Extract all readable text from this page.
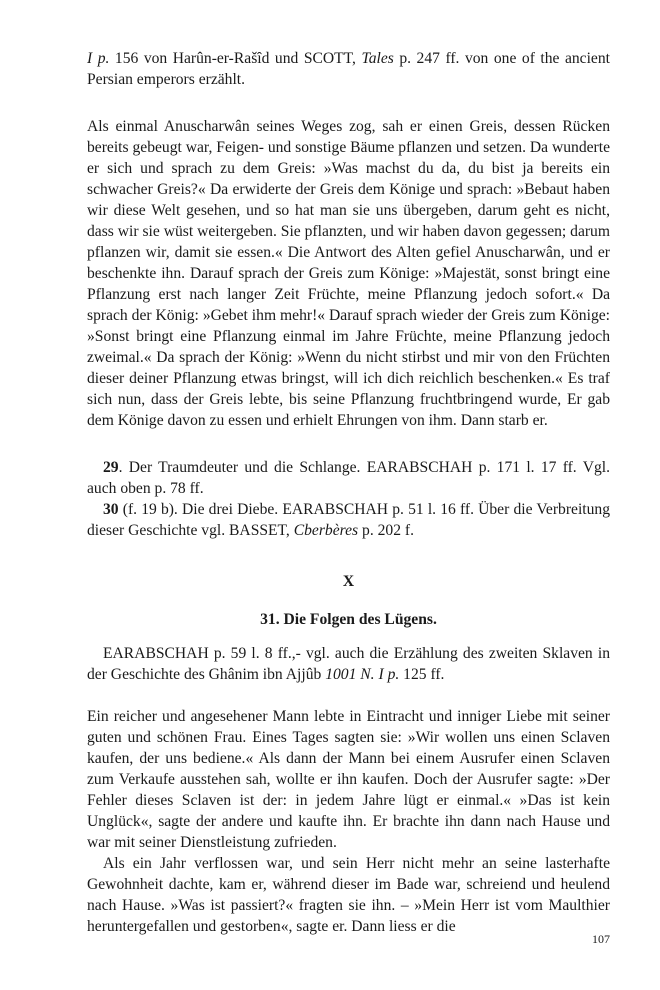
I p. 156 von Harûn-er-Rašîd und SCOTT, Tales p. 247 ff. von one of the ancient Persian emperors erzählt.

Als einmal Anuscharwân seines Weges zog, sah er einen Greis, dessen Rücken bereits gebeugt war, Feigen- und sonstige Bäume pflanzen und setzen. Da wunderte er sich und sprach zu dem Greis: »Was machst du da, du bist ja bereits ein schwacher Greis?« Da erwiderte der Greis dem Könige und sprach: »Bebaut haben wir diese Welt gesehen, und so hat man sie uns übergeben, darum geht es nicht, dass wir sie wüst weitergeben. Sie pflanzten, und wir haben davon gegessen; darum pflanzen wir, damit sie essen.« Die Antwort des Alten gefiel Anuscharwân, und er beschenkte ihn. Darauf sprach der Greis zum Könige: »Majestät, sonst bringt eine Pflanzung erst nach langer Zeit Früchte, meine Pflanzung jedoch sofort.« Da sprach der König: »Gebet ihm mehr!« Darauf sprach wieder der Greis zum Könige: »Sonst bringt eine Pflanzung einmal im Jahre Früchte, meine Pflanzung jedoch zweimal.« Da sprach der König: »Wenn du nicht stirbst und mir von den Früchten dieser deiner Pflanzung etwas bringst, will ich dich reichlich beschenken.« Es traf sich nun, dass der Greis lebte, bis seine Pflanzung fruchtbringend wurde, Er gab dem Könige davon zu essen und erhielt Ehrungen von ihm. Dann starb er.

29. Der Traumdeuter und die Schlange. EARABSCHAH p. 171 l. 17 ff. Vgl. auch oben p. 78 ff.

30 (f. 19 b). Die drei Diebe. EARABSCHAH p. 51 l. 16 ff. Über die Verbreitung dieser Geschichte vgl. BASSET, Cberbères p. 202 f.

X

31. Die Folgen des Lügens.

EARABSCHAH p. 59 l. 8 ff.,- vgl. auch die Erzählung des zweiten Sklaven in der Geschichte des Ghânim ibn Ajjûb 1001 N. I p. 125 ff.

Ein reicher und angesehener Mann lebte in Eintracht und inniger Liebe mit seiner guten und schönen Frau. Eines Tages sagten sie: »Wir wollen uns einen Sclaven kaufen, der uns bediene.« Als dann der Mann bei einem Ausrufer einen Sclaven zum Verkaufe ausstehen sah, wollte er ihn kaufen. Doch der Ausrufer sagte: »Der Fehler dieses Sclaven ist der: in jedem Jahre lügt er einmal.« »Das ist kein Unglück«, sagte der andere und kaufte ihn. Er brachte ihn dann nach Hause und war mit seiner Dienstleistung zufrieden.

Als ein Jahr verflossen war, und sein Herr nicht mehr an seine lasterhafte Gewohnheit dachte, kam er, während dieser im Bade war, schreiend und heulend nach Hause. »Was ist passiert?« fragten sie ihn. – »Mein Herr ist vom Maulthier heruntergefallen und gestorben«, sagte er. Dann liess er die

107
